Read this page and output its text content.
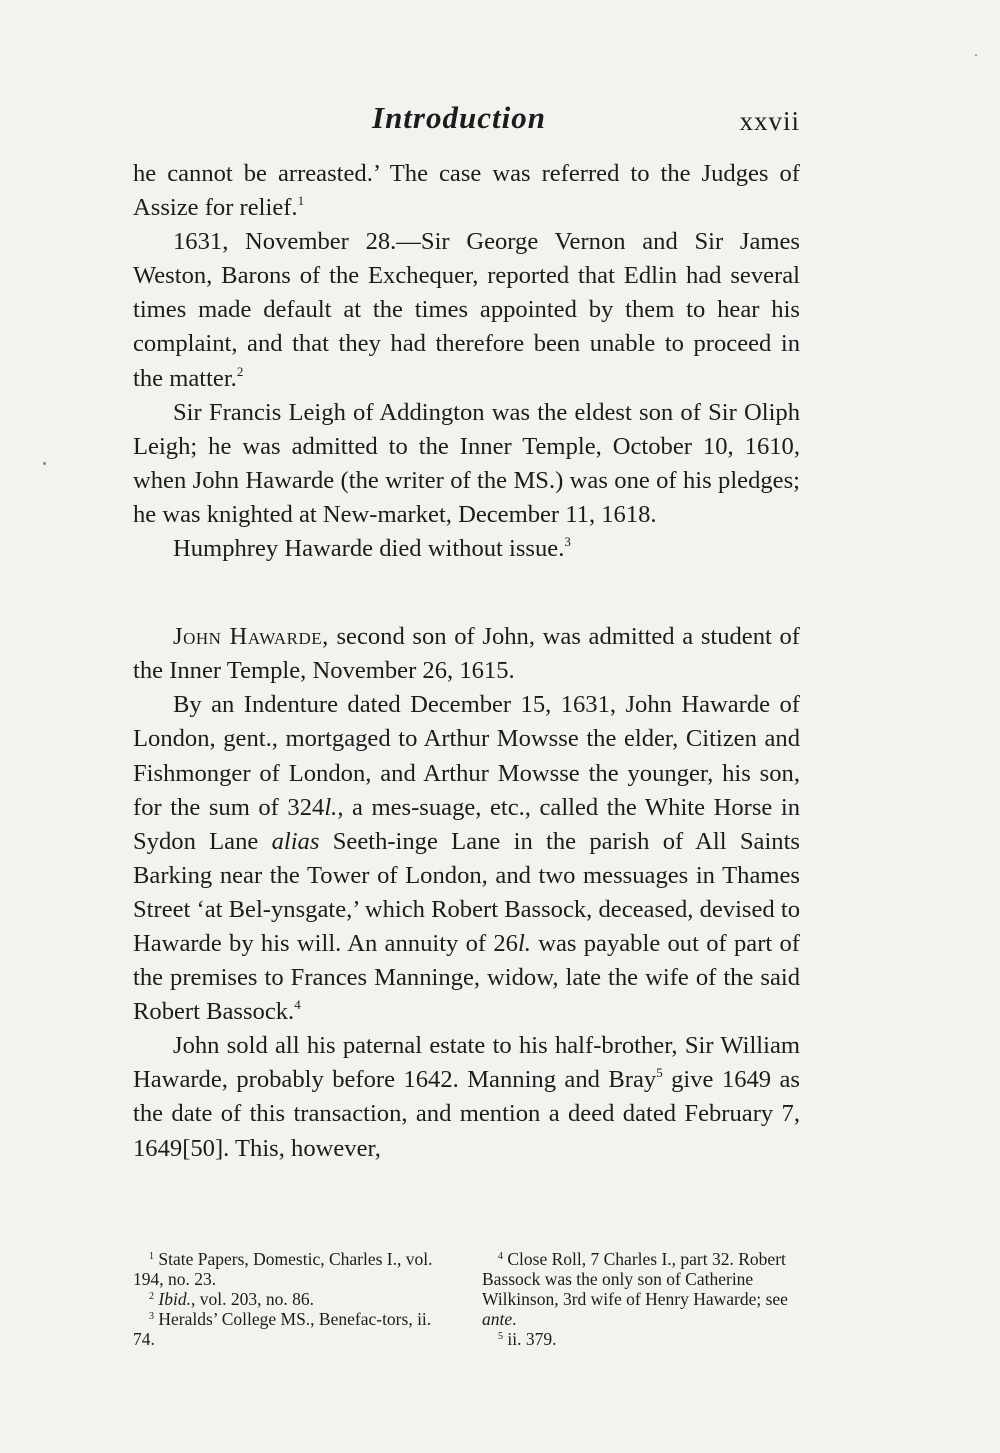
Introduction	xxvii

he cannot be arreasted.’ The case was referred to the Judges of Assize for relief.$^1$

1631, November 28.—Sir George Vernon and Sir James Weston, Barons of the Exchequer, reported that Edlin had several times made default at the times appointed by them to hear his complaint, and that they had therefore been unable to proceed in the matter.$^2$

Sir Francis Leigh of Addington was the eldest son of Sir Oliph Leigh; he was admitted to the Inner Temple, October 10, 1610, when John Hawarde (the writer of the MS.) was one of his pledges; he was knighted at New-market, December 11, 1618.

Humphrey Hawarde died without issue.$^3$

John Hawarde, second son of John, was admitted a student of the Inner Temple, November 26, 1615.

By an Indenture dated December 15, 1631, John Hawarde of London, gent., mortgaged to Arthur Mowsse the elder, Citizen and Fishmonger of London, and Arthur Mowsse the younger, his son, for the sum of 324l., a mes-suage, etc., called the White Horse in Sydon Lane alias Seeth-inge Lane in the parish of All Saints Barking near the Tower of London, and two messuages in Thames Street ‘at Bel-ynsgate,’ which Robert Bassock, deceased, devised to Hawarde by his will. An annuity of 26l. was payable out of part of the premises to Frances Manninge, widow, late the wife of the said Robert Bassock.$^4$

John sold all his paternal estate to his half-brother, Sir William Hawarde, probably before 1642. Manning and Bray$^5$ give 1649 as the date of this transaction, and mention a deed dated February 7, 1649[50]. This, however,

$^1$ State Papers, Domestic, Charles I., vol. 194, no. 23.
$^2$ Ibid., vol. 203, no. 86.
$^3$ Heralds’ College MS., Benefac-tors, ii. 74.
$^4$ Close Roll, 7 Charles I., part 32. Robert Bassock was the only son of Catherine Wilkinson, 3rd wife of Henry Hawarde; see ante.
$^5$ ii. 379.
